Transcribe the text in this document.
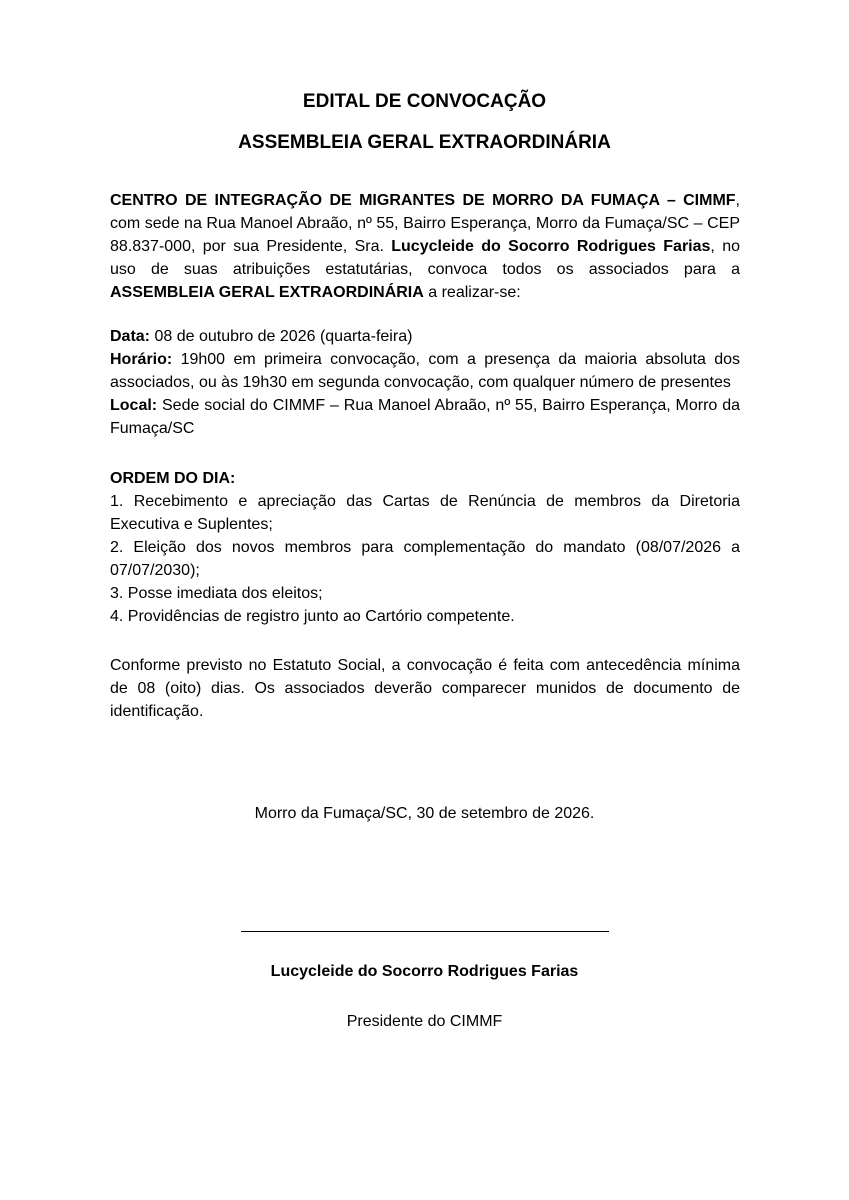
EDITAL DE CONVOCAÇÃO
ASSEMBLEIA GERAL EXTRAORDINÁRIA

CENTRO DE INTEGRAÇÃO DE MIGRANTES DE MORRO DA FUMAÇA – CIMMF, com sede na Rua Manoel Abraão, nº 55, Bairro Esperança, Morro da Fumaça/SC – CEP 88.837-000, por sua Presidente, Sra. Lucycleide do Socorro Rodrigues Farias, no uso de suas atribuições estatutárias, convoca todos os associados para a ASSEMBLEIA GERAL EXTRAORDINÁRIA a realizar-se:

Data: 08 de outubro de 2026 (quarta-feira)
Horário: 19h00 em primeira convocação, com a presença da maioria absoluta dos associados, ou às 19h30 em segunda convocação, com qualquer número de presentes
Local: Sede social do CIMMF – Rua Manoel Abraão, nº 55, Bairro Esperança, Morro da Fumaça/SC
ORDEM DO DIA:
1. Recebimento e apreciação das Cartas de Renúncia de membros da Diretoria Executiva e Suplentes;
2. Eleição dos novos membros para complementação do mandato (08/07/2026 a 07/07/2030);
3. Posse imediata dos eleitos;
4. Providências de registro junto ao Cartório competente.

Conforme previsto no Estatuto Social, a convocação é feita com antecedência mínima de 08 (oito) dias. Os associados deverão comparecer munidos de documento de identificação.

Morro da Fumaça/SC, 30 de setembro de 2026.

Lucycleide do Socorro Rodrigues Farias

Presidente do CIMMF
